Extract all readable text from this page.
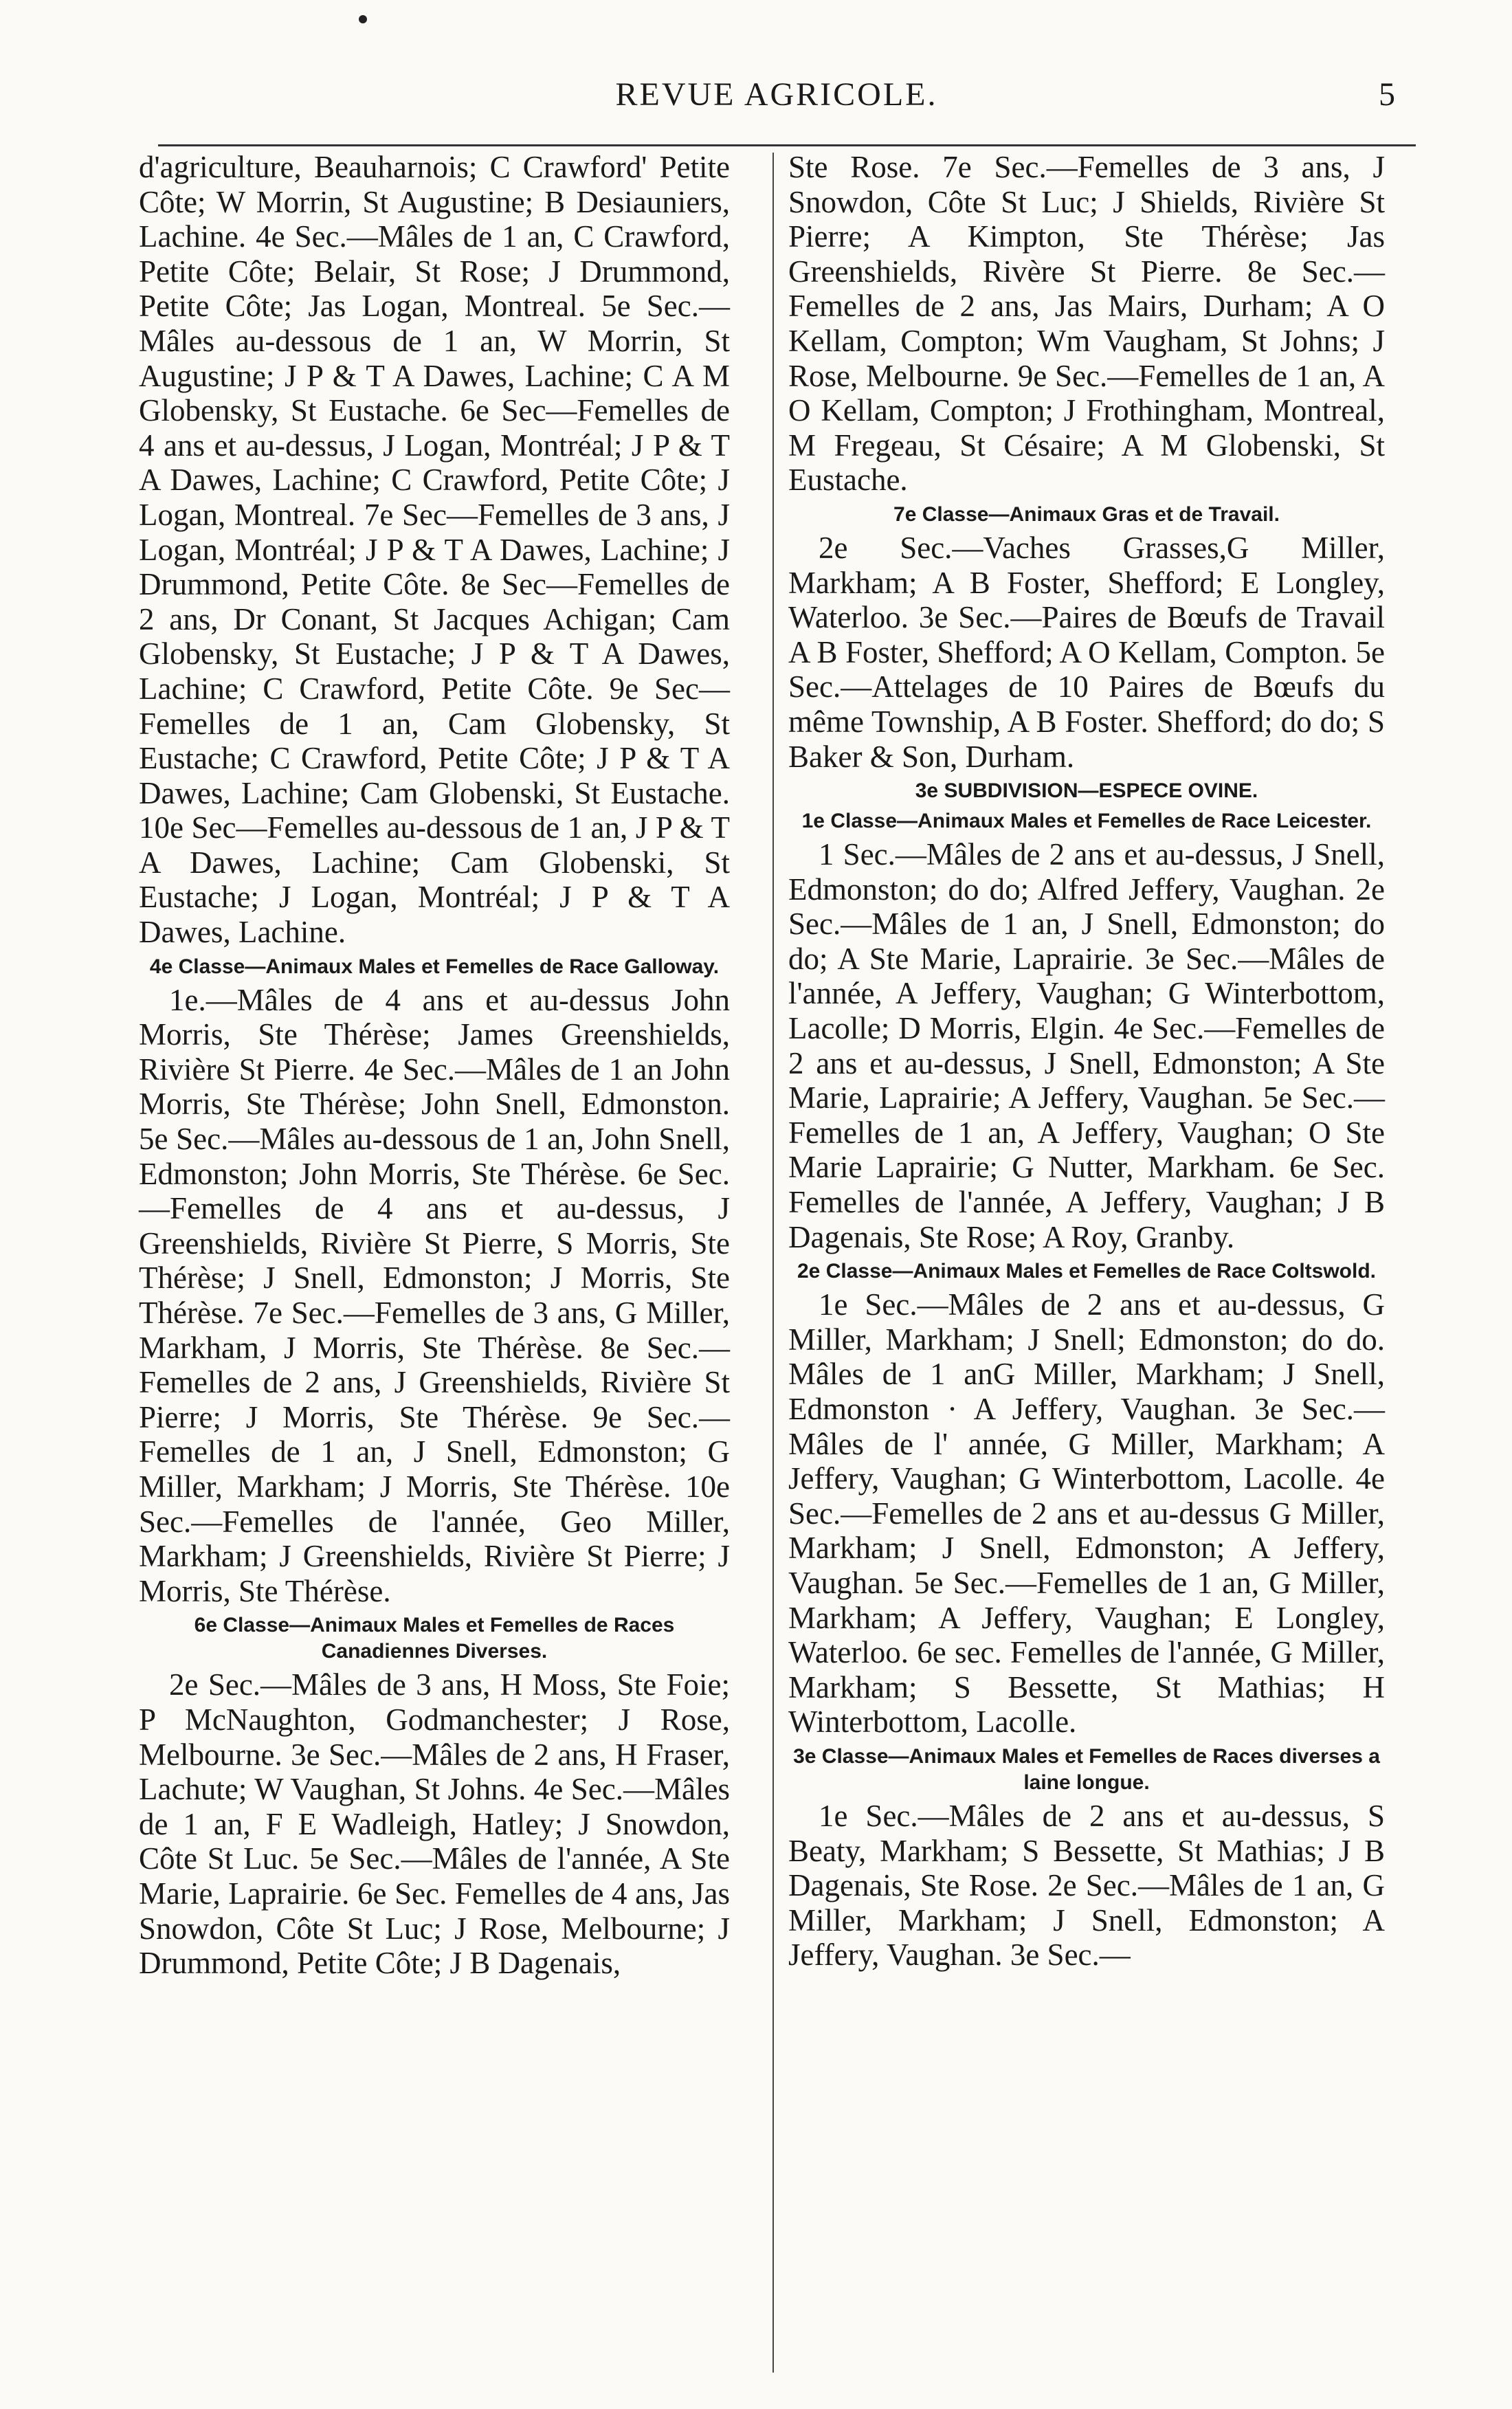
REVUE AGRICOLE.	5

d'agriculture, Beauharnois; C Crawford' Petite Côte; W Morrin, St Augustine; B Desiauniers, Lachine. 4e Sec.—Mâles de 1 an, C Crawford, Petite Côte; Belair, St Rose; J Drummond, Petite Côte; Jas Logan, Montreal. 5e Sec.—Mâles au-dessous de 1 an, W Morrin, St Augustine; J P & T A Dawes, Lachine; C A M Globensky, St Eustache. 6e Sec—Femelles de 4 ans et au-dessus, J Logan, Montréal; J P & T A Dawes, Lachine; C Crawford, Petite Côte; J Logan, Montreal. 7e Sec—Femelles de 3 ans, J Logan, Montréal; J P & T A Dawes, Lachine; J Drummond, Petite Côte. 8e Sec—Femelles de 2 ans, Dr Conant, St Jacques Achigan; Cam Globensky, St Eustache; J P & T A Dawes, Lachine; C Crawford, Petite Côte. 9e Sec—Femelles de 1 an, Cam Globensky, St Eustache; C Crawford, Petite Côte; J P & T A Dawes, Lachine; Cam Globenski, St Eustache. 10e Sec—Femelles au-dessous de 1 an, J P & T A Dawes, Lachine; Cam Globenski, St Eustache; J Logan, Montréal; J P & T A Dawes, Lachine.

4e Classe—Animaux Males et Femelles de Race Galloway.

1e.—Mâles de 4 ans et au-dessus John Morris, Ste Thérèse; James Greenshields, Rivière St Pierre. 4e Sec.—Mâles de 1 an John Morris, Ste Thérèse; John Snell, Edmonston. 5e Sec.—Mâles au-dessous de 1 an, John Snell, Edmonston; John Morris, Ste Thérèse. 6e Sec.—Femelles de 4 ans et au-dessus, J Greenshields, Rivière St Pierre, S Morris, Ste Thérèse; J Snell, Edmonston; J Morris, Ste Thérèse. 7e Sec.—Femelles de 3 ans, G Miller, Markham, J Morris, Ste Thérèse. 8e Sec.—Femelles de 2 ans, J Greenshields, Rivière St Pierre; J Morris, Ste Thérèse. 9e Sec.—Femelles de 1 an, J Snell, Edmonston; G Miller, Markham; J Morris, Ste Thérèse. 10e Sec.—Femelles de l'année, Geo Miller, Markham; J Greenshields, Rivière St Pierre; J Morris, Ste Thérèse.

6e Classe—Animaux Males et Femelles de Races Canadiennes Diverses.

2e Sec.—Mâles de 3 ans, H Moss, Ste Foie; P McNaughton, Godmanchester; J Rose, Melbourne. 3e Sec.—Mâles de 2 ans, H Fraser, Lachute; W Vaughan, St Johns. 4e Sec.—Mâles de 1 an, F E Wadleigh, Hatley; J Snowdon, Côte St Luc. 5e Sec.—Mâles de l'année, A Ste Marie, Laprairie. 6e Sec. Femelles de 4 ans, Jas Snowdon, Côte St Luc; J Rose, Melbourne; J Drummond, Petite Côte; J B Dagenais,

Ste Rose. 7e Sec.—Femelles de 3 ans, J Snowdon, Côte St Luc; J Shields, Rivière St Pierre; A Kimpton, Ste Thérèse; Jas Greenshields, Rivère St Pierre. 8e Sec.—Femelles de 2 ans, Jas Mairs, Durham; A O Kellam, Compton; Wm Vaugham, St Johns; J Rose, Melbourne. 9e Sec.—Femelles de 1 an, A O Kellam, Compton; J Frothingham, Montreal, M Fregeau, St Césaire; A M Globenski, St Eustache.

7e Classe—Animaux Gras et de Travail.

2e Sec.—Vaches Grasses,G Miller, Markham; A B Foster, Shefford; E Longley, Waterloo. 3e Sec.—Paires de Bœufs de Travail A B Foster, Shefford; A O Kellam, Compton. 5e Sec.—Attelages de 10 Paires de Bœufs du même Township, A B Foster. Shefford; do do; S Baker & Son, Durham.

3e SUBDIVISION—ESPECE OVINE.
1e Classe—Animaux Males et Femelles de Race Leicester.

1 Sec.—Mâles de 2 ans et au-dessus, J Snell, Edmonston; do do; Alfred Jeffery, Vaughan. 2e Sec.—Mâles de 1 an, J Snell, Edmonston; do do; A Ste Marie, Laprairie. 3e Sec.—Mâles de l'année, A Jeffery, Vaughan; G Winterbottom, Lacolle; D Morris, Elgin. 4e Sec.—Femelles de 2 ans et au-dessus, J Snell, Edmonston; A Ste Marie, Laprairie; A Jeffery, Vaughan. 5e Sec.—Femelles de 1 an, A Jeffery, Vaughan; O Ste Marie Laprairie; G Nutter, Markham. 6e Sec. Femelles de l'année, A Jeffery, Vaughan; J B Dagenais, Ste Rose; A Roy, Granby.

2e Classe—Animaux Males et Femelles de Race Coltswold.

1e Sec.—Mâles de 2 ans et au-dessus, G Miller, Markham; J Snell; Edmonston; do do. Mâles de 1 anG Miller, Markham; J Snell, Edmonston · A Jeffery, Vaughan. 3e Sec.—Mâles de l' année, G Miller, Markham; A Jeffery, Vaughan; G Winterbottom, Lacolle. 4e Sec.—Femelles de 2 ans et au-dessus G Miller, Markham; J Snell, Edmonston; A Jeffery, Vaughan. 5e Sec.—Femelles de 1 an, G Miller, Markham; A Jeffery, Vaughan; E Longley, Waterloo. 6e sec. Femelles de l'année, G Miller, Markham; S Bessette, St Mathias; H Winterbottom, Lacolle.

3e Classe—Animaux Males et Femelles de Races diverses a laine longue.

1e Sec.—Mâles de 2 ans et au-dessus, S Beaty, Markham; S Bessette, St Mathias; J B Dagenais, Ste Rose. 2e Sec.—Mâles de 1 an, G Miller, Markham; J Snell, Edmonston; A Jeffery, Vaughan. 3e Sec.—
